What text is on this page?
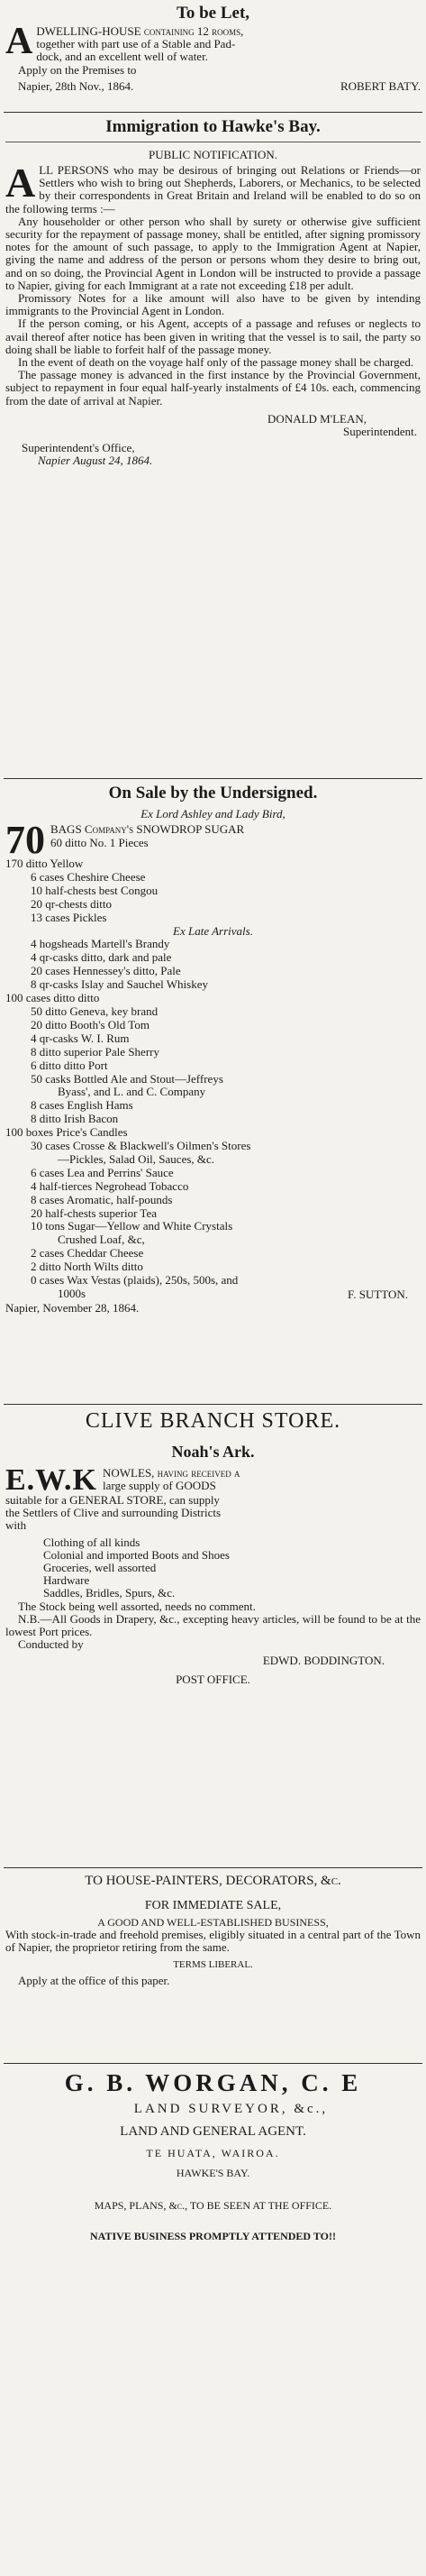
To be Let,
A DWELLING-HOUSE containing 12 rooms,

together with part use of a Stable and Pad-

dock, and an excellent well of water.

Apply on the Premises to

Napier, 28th Nov., 1864.	ROBERT BATY.

Immigration to Hawke's Bay.
PUBLIC NOTIFICATION.
A LL PERSONS who may be desirous of bringing out Relations or Friends—or Settlers who wish to bring out Shepherds, Laborers, or Mechanics, to be selected by their correspondents in Great Britain and Ireland will be enabled to do so on the following terms :—

Any householder or other person who shall by surety or otherwise give sufficient security for the repayment of passage money, shall be entitled, after signing promissory notes for the amount of such passage, to apply to the Immigration Agent at Napier, giving the name and address of the person or persons whom they desire to bring out, and on so doing, the Provincial Agent in London will be instructed to provide a passage to Napier, giving for each Immigrant at a rate not exceeding £18 per adult.

Promissory Notes for a like amount will also have to be given by intending immigrants to the Provincial Agent in London.

If the person coming, or his Agent, accepts of a passage and refuses or neglects to avail thereof after notice has been given in writing that the vessel is to sail, the party so doing shall be liable to forfeit half of the passage money.

In the event of death on the voyage half only of the passage money shall be charged.

The passage money is advanced in the first instance by the Provincial Government, subject to repayment in four equal half-yearly instalments of £4 10s. each, commencing from the date of arrival at Napier.

DONALD M'LEAN,

Superintendent.

Superintendent's Office,

Napier August 24, 1864.

On Sale by the Undersigned.
Ex Lord Ashley and Lady Bird,
70 BAGS Company's SNOWDROP SUGAR

60 ditto No. 1 Pieces

170 ditto Yellow

6 cases Cheshire Cheese

10 half-chests best Congou

20 qr-chests ditto

13 cases Pickles

Ex Late Arrivals.

4 hogsheads Martell's Brandy

4 qr-casks ditto, dark and pale

20 cases Hennessey's ditto, Pale

8 qr-casks Islay and Sauchel Whiskey

100 cases ditto ditto

50 ditto Geneva, key brand

20 ditto Booth's Old Tom

4 qr-casks W. I. Rum

8 ditto superior Pale Sherry

6 ditto ditto Port

50 casks Bottled Ale and Stout—Jeffreys

Byass', and L. and C. Company

8 cases English Hams

8 ditto Irish Bacon

100 boxes Price's Candles

30 cases Crosse & Blackwell's Oilmen's Stores

—Pickles, Salad Oil, Sauces, &c.

6 cases Lea and Perrins' Sauce

4 half-tierces Negrohead Tobacco

8 cases Aromatic, half-pounds

20 half-chests superior Tea

10 tons Sugar—Yellow and White Crystals

Crushed Loaf, &c,

2 cases Cheddar Cheese

2 ditto North Wilts ditto

0 cases Wax Vestas (plaids), 250s, 500s, and

1000s	F. SUTTON.

Napier, November 28, 1864.

CLIVE BRANCH STORE.
Noah's Ark.
E.W.K NOWLES, having received a

large supply of GOODS

suitable for a GENERAL STORE, can supply

the Settlers of Clive and surrounding Districts

with

Clothing of all kinds

Colonial and imported Boots and Shoes

Groceries, well assorted

Hardware

Saddles, Bridles, Spurs, &c.

The Stock being well assorted, needs no comment.

N.B.—All Goods in Drapery, &c., excepting heavy articles, will be found to be at the lowest Port prices.

Conducted by

EDWD. BODDINGTON.

POST OFFICE.

TO HOUSE-PAINTERS, DECORATORS, &c.
FOR IMMEDIATE SALE,

A GOOD AND WELL-ESTABLISHED BUSINESS,

With stock-in-trade and freehold premises, eligibly situated in a central part of the Town of Napier, the proprietor retiring from the same.

TERMS LIBERAL.

Apply at the office of this paper.

G. B. WORGAN, C. E
LAND SURVEYOR, &c.,
LAND AND GENERAL AGENT.
TE HUATA, WAIROA.
HAWKE'S BAY.
MAPS, PLANS, &c., TO BE SEEN AT THE OFFICE.
NATIVE BUSINESS PROMPTLY ATTENDED TO!!
